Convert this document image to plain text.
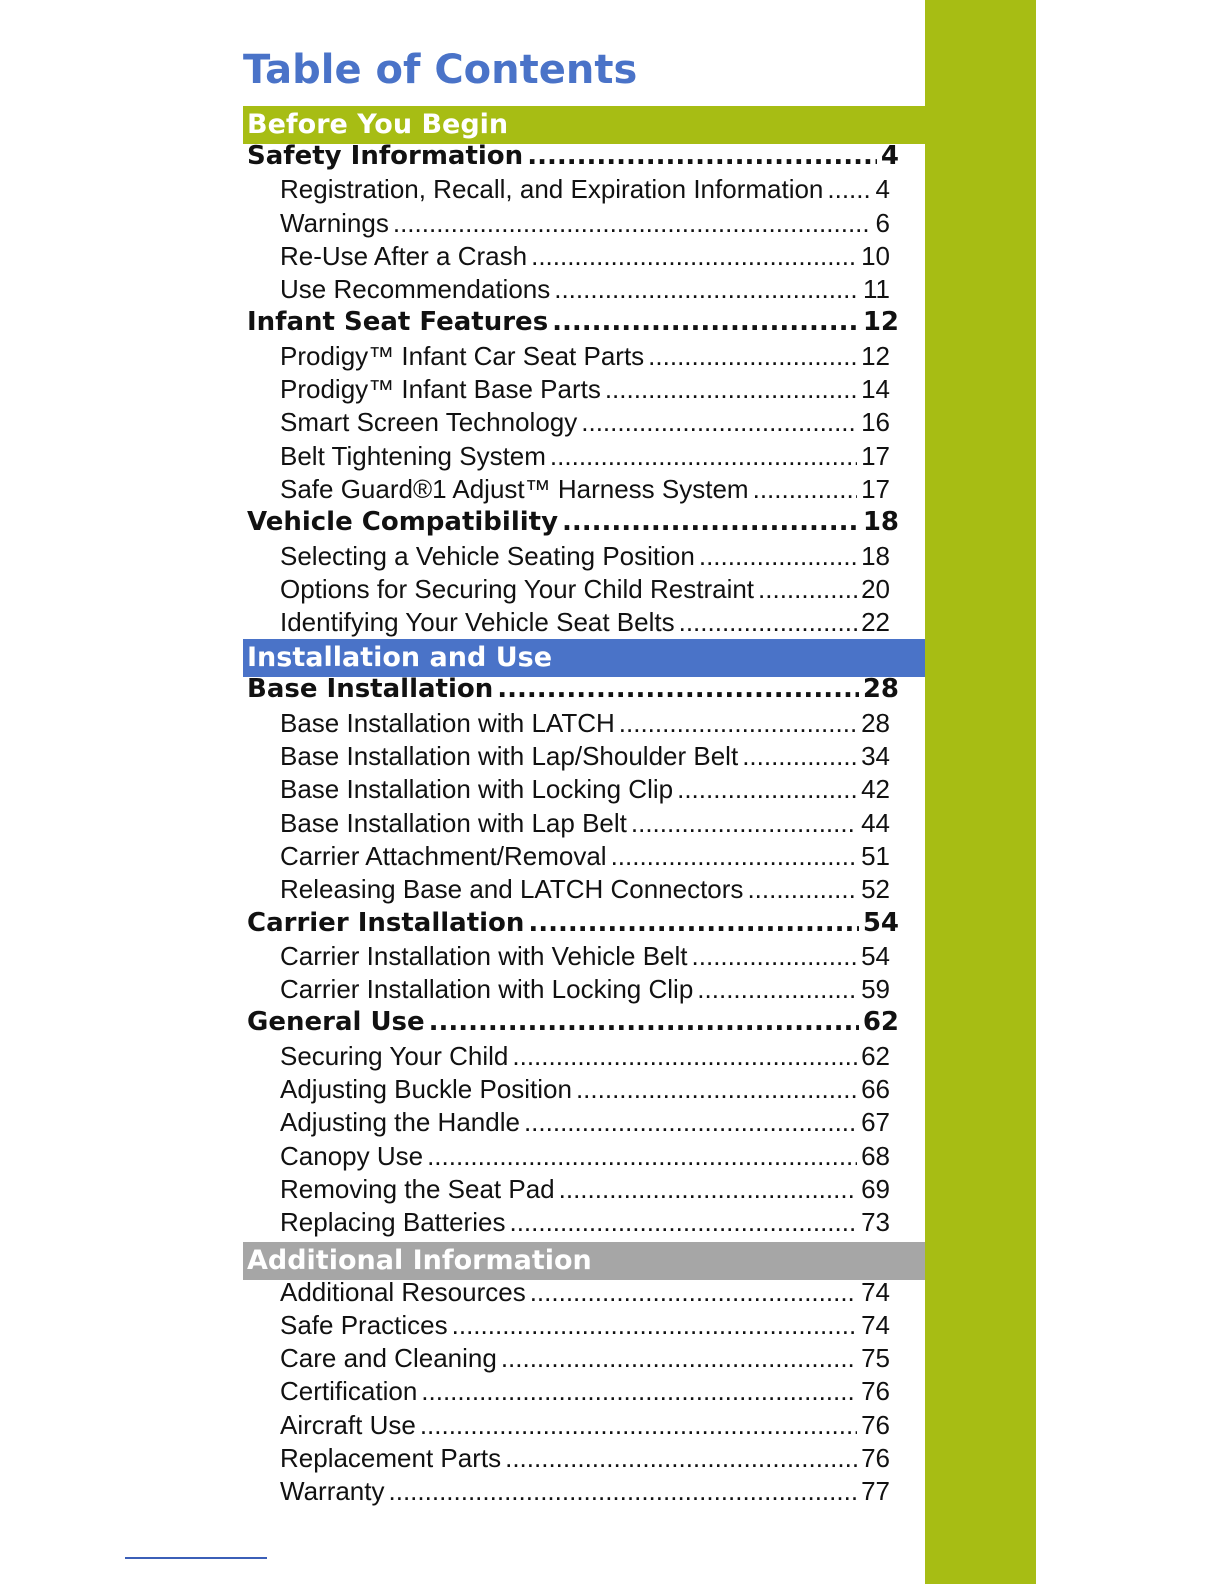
Table of Contents
Before You Begin
Safety Information .....	4
Registration, Recall, and Expiration Information ..... 4
Warnings .....	6
Re-Use After a Crash .....	10
Use Recommendations .....	11
Infant Seat Features .....	12
Prodigy™ Infant Car Seat Parts .....	12
Prodigy™ Infant Base Parts .....	14
Smart Screen Technology .....	16
Belt Tightening System .....	17
Safe Guard®1 Adjust™ Harness System .....	17
Vehicle Compatibility .....	18
Selecting a Vehicle Seating Position .....	18
Options for Securing Your Child Restraint .....	20
Identifying Your Vehicle Seat Belts .....	22
Installation and Use
Base Installation .....	28
Base Installation with LATCH .....	28
Base Installation with Lap/Shoulder Belt .....	34
Base Installation with Locking Clip .....	42
Base Installation with Lap Belt .....	44
Carrier Attachment/Removal .....	51
Releasing Base and LATCH Connectors .....	52
Carrier Installation .....	54
Carrier Installation with Vehicle Belt .....	54
Carrier Installation with Locking Clip .....	59
General Use .....	62
Securing Your Child .....	62
Adjusting Buckle Position .....	66
Adjusting the Handle .....	67
Canopy Use .....	68
Removing the Seat Pad .....	69
Replacing Batteries .....	73
Additional Information
Additional Resources .....	74
Safe Practices .....	74
Care and Cleaning .....	75
Certification .....	76
Aircraft Use .....	76
Replacement Parts .....	76
Warranty .....	77
